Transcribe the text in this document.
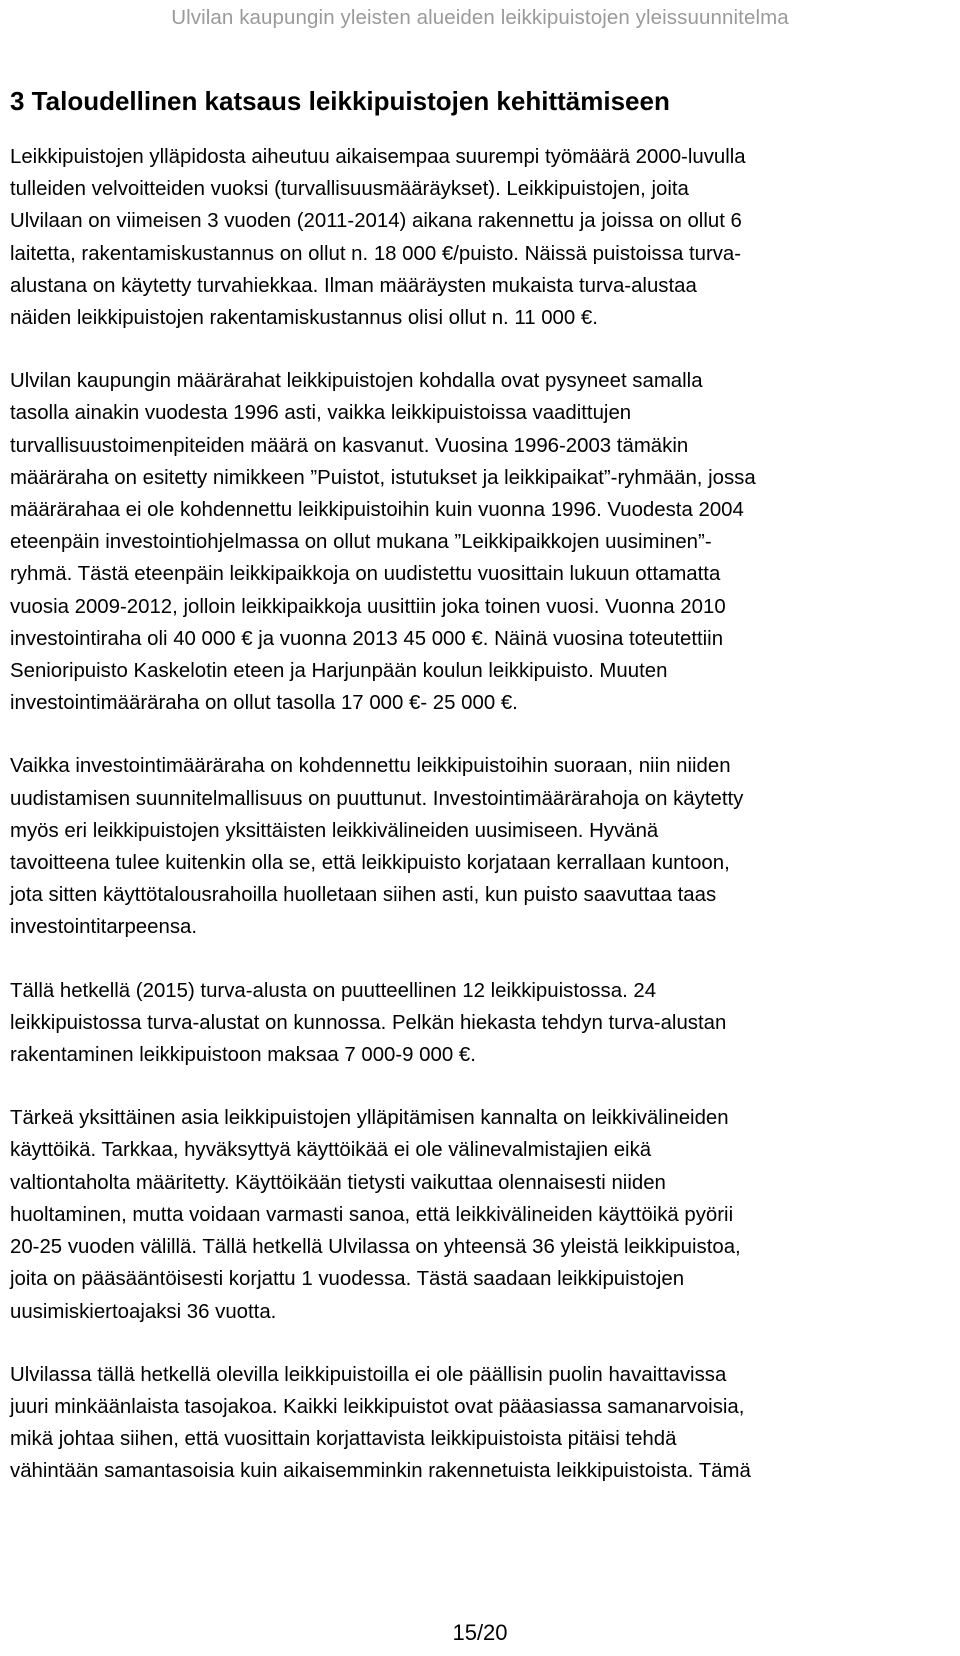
Ulvilan kaupungin yleisten alueiden leikkipuistojen yleissuunnitelma
3 Taloudellinen katsaus leikkipuistojen kehittämiseen
Leikkipuistojen ylläpidosta aiheutuu aikaisempaa suurempi työmäärä 2000-luvulla
tulleiden velvoitteiden vuoksi (turvallisuusmääräykset). Leikkipuistojen, joita
Ulvilaan on viimeisen 3 vuoden (2011-2014) aikana rakennettu ja joissa on ollut 6
laitetta, rakentamiskustannus on ollut n. 18 000 €/puisto. Näissä puistoissa turva-
alustana on käytetty turvahiekkaa. Ilman määräysten mukaista turva-alustaa
näiden leikkipuistojen rakentamiskustannus olisi ollut n. 11 000 €.
Ulvilan kaupungin määrärahat leikkipuistojen kohdalla ovat pysyneet samalla
tasolla ainakin vuodesta 1996 asti, vaikka leikkipuistoissa vaadittujen
turvallisuustoimenpiteiden määrä on kasvanut. Vuosina 1996-2003 tämäkin
määräraha on esitetty nimikkeen ”Puistot, istutukset ja leikkipaikat”-ryhmään, jossa
määrärahaa ei ole kohdennettu leikkipuistoihin kuin vuonna 1996. Vuodesta 2004
eteenpäin investointiohjelmassa on ollut mukana ”Leikkipaikkojen uusiminen”-
ryhmä. Tästä eteenpäin leikkipaikkoja on uudistettu vuosittain lukuun ottamatta
vuosia 2009-2012, jolloin leikkipaikkoja uusittiin joka toinen vuosi. Vuonna 2010
investointiraha oli 40 000 € ja vuonna 2013 45 000 €. Näinä vuosina toteutettiin
Senioripuisto Kaskelotin eteen ja Harjunpään koulun leikkipuisto. Muuten
investointimääräraha on ollut tasolla 17 000 €- 25 000 €.
Vaikka investointimääräraha on kohdennettu leikkipuistoihin suoraan, niin niiden
uudistamisen suunnitelmallisuus on puuttunut. Investointimäärärahoja on käytetty
myös eri leikkipuistojen yksittäisten leikkivälineiden uusimiseen. Hyvänä
tavoitteena tulee kuitenkin olla se, että leikkipuisto korjataan kerrallaan kuntoon,
jota sitten käyttötalousrahoilla huolletaan siihen asti, kun puisto saavuttaa taas
investointitarpeensa.
Tällä hetkellä (2015) turva-alusta on puutteellinen 12 leikkipuistossa. 24
leikkipuistossa turva-alustat on kunnossa. Pelkän hiekasta tehdyn turva-alustan
rakentaminen leikkipuistoon maksaa 7 000-9 000 €.
Tärkeä yksittäinen asia leikkipuistojen ylläpitämisen kannalta on leikkivälineiden
käyttöikä. Tarkkaa, hyväksyttyä käyttöikää ei ole välinevalmistajien eikä
valtiontaholta määritetty. Käyttöikään tietysti vaikuttaa olennaisesti niiden
huoltaminen, mutta voidaan varmasti sanoa, että leikkivälineiden käyttöikä pyörii
20-25 vuoden välillä. Tällä hetkellä Ulvilassa on yhteensä 36 yleistä leikkipuistoa,
joita on pääsääntöisesti korjattu 1 vuodessa. Tästä saadaan leikkipuistojen
uusimiskiertoajaksi 36 vuotta.
Ulvilassa tällä hetkellä olevilla leikkipuistoilla ei ole päällisin puolin havaittavissa
juuri minkäänlaista tasojakoa. Kaikki leikkipuistot ovat pääasiassa samanarvoisia,
mikä johtaa siihen, että vuosittain korjattavista leikkipuistoista pitäisi tehdä
vähintään samantasoisia kuin aikaisemminkin rakennetuista leikkipuistoista. Tämä
15/20
